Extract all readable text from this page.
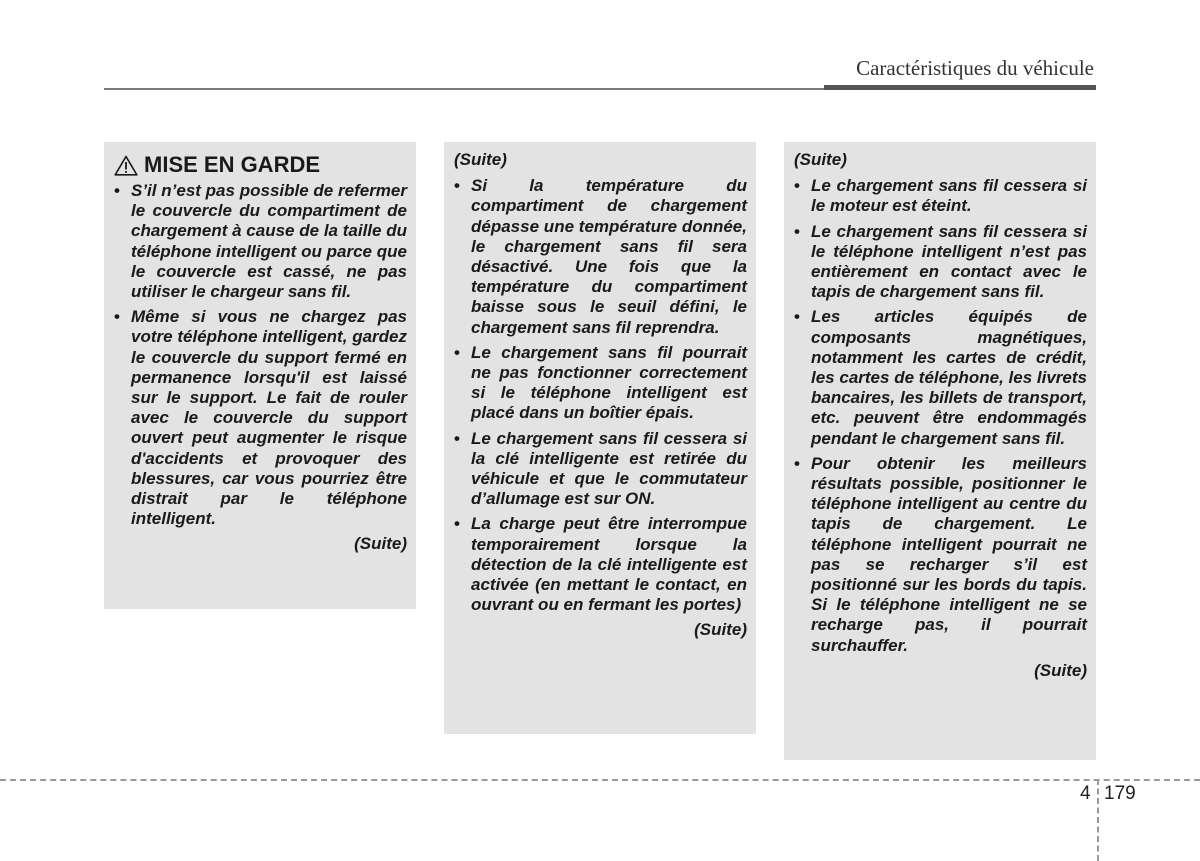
Caractéristiques du véhicule
MISE EN GARDE
• S’il n’est pas possible de refermer le couvercle du compartiment de chargement à cause de la taille du téléphone intelligent ou parce que le couvercle est cassé, ne pas utiliser le chargeur sans fil.
• Même si vous ne chargez pas votre téléphone intelligent, gardez le couvercle du support fermé en permanence lorsqu'il est laissé sur le support. Le fait de rouler avec le couvercle du support ouvert peut augmenter le risque d'accidents et provoquer des blessures, car vous pourriez être distrait par le téléphone intelligent.
(Suite)
(Suite)
• Si la température du compartiment de chargement dépasse une température donnée, le chargement sans fil sera désactivé. Une fois que la température du compartiment baisse sous le seuil défini, le chargement sans fil reprendra.
• Le chargement sans fil pourrait ne pas fonctionner correctement si le téléphone intelligent est placé dans un boîtier épais.
• Le chargement sans fil cessera si la clé intelligente est retirée du véhicule et que le commutateur d’allumage est sur ON.
• La charge peut être interrompue temporairement lorsque la détection de la clé intelligente est activée (en mettant le contact, en ouvrant ou en fermant les portes)
(Suite)
(Suite)
• Le chargement sans fil cessera si le moteur est éteint.
• Le chargement sans fil cessera si le téléphone intelligent n’est pas entièrement en contact avec le tapis de chargement sans fil.
• Les articles équipés de composants magnétiques, notamment les cartes de crédit, les cartes de téléphone, les livrets bancaires, les billets de transport, etc. peuvent être endommagés pendant le chargement sans fil.
• Pour obtenir les meilleurs résultats possible, positionner le téléphone intelligent au centre du tapis de chargement. Le téléphone intelligent pourrait ne pas se recharger s’il est positionné sur les bords du tapis. Si le téléphone intelligent ne se recharge pas, il pourrait surchauffer.
(Suite)
4 179
